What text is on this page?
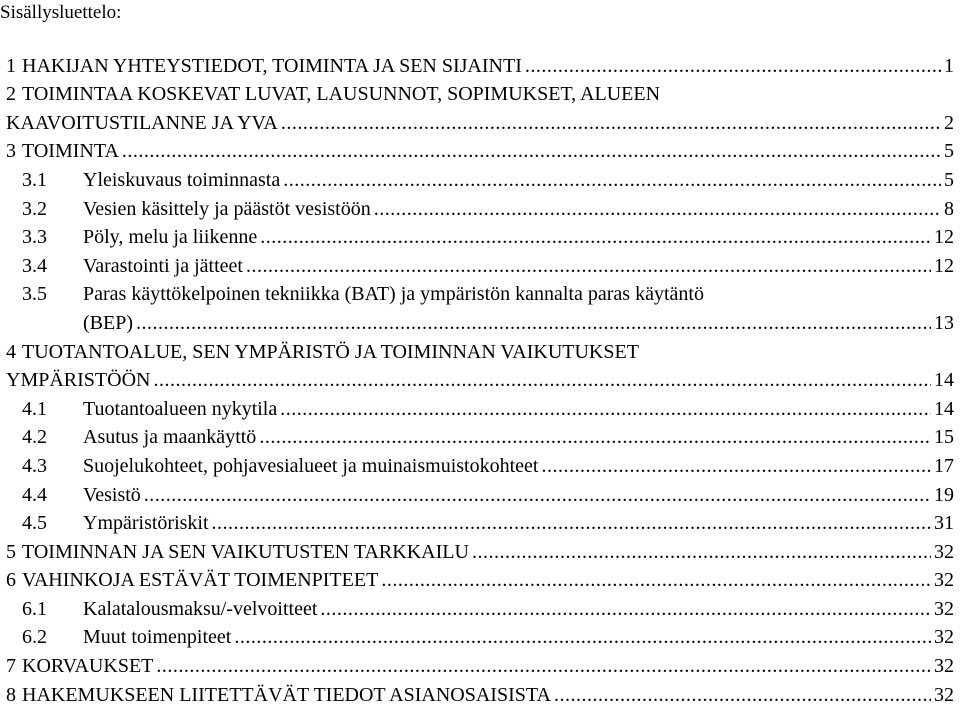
Sisällysluettelo:
1 HAKIJAN YHTEYSTIEDOT, TOIMINTA JA SEN SIJAINTI .....	1
2 TOIMINTAA KOSKEVAT LUVAT, LAUSUNNOT, SOPIMUKSET, ALUEEN
KAAVOITUSTILANNE JA YVA .....	2
3 TOIMINTA .....	5
3.1	Yleiskuvaus toiminnasta .....	5
3.2	Vesien käsittely ja päästöt vesistöön .....	8
3.3	Pöly, melu ja liikenne .....	12
3.4	Varastointi ja jätteet .....	12
3.5	Paras käyttökelpoinen tekniikka (BAT) ja ympäristön kannalta paras käytäntö
(BEP) .....	13
4 TUOTANTOALUE, SEN YMPÄRISTÖ JA TOIMINNAN VAIKUTUKSET
YMPÄRISTÖÖN .....	14
4.1	Tuotantoalueen nykytila .....	14
4.2	Asutus ja maankäyttö .....	15
4.3	Suojelukohteet, pohjavesialueet ja muinaismuistokohteet .....	17
4.4	Vesistö .....	19
4.5	Ympäristöriskit .....	31
5 TOIMINNAN JA SEN VAIKUTUSTEN TARKKAILU .....	32
6 VAHINKOJA ESTÄVÄT TOIMENPITEET .....	32
6.1	Kalatalousmaksu/-velvoitteet .....	32
6.2	Muut toimenpiteet .....	32
7 KORVAUKSET .....	32
8 HAKEMUKSEEN LIITETTÄVÄT TIEDOT ASIANOSAISISTA .....	32
